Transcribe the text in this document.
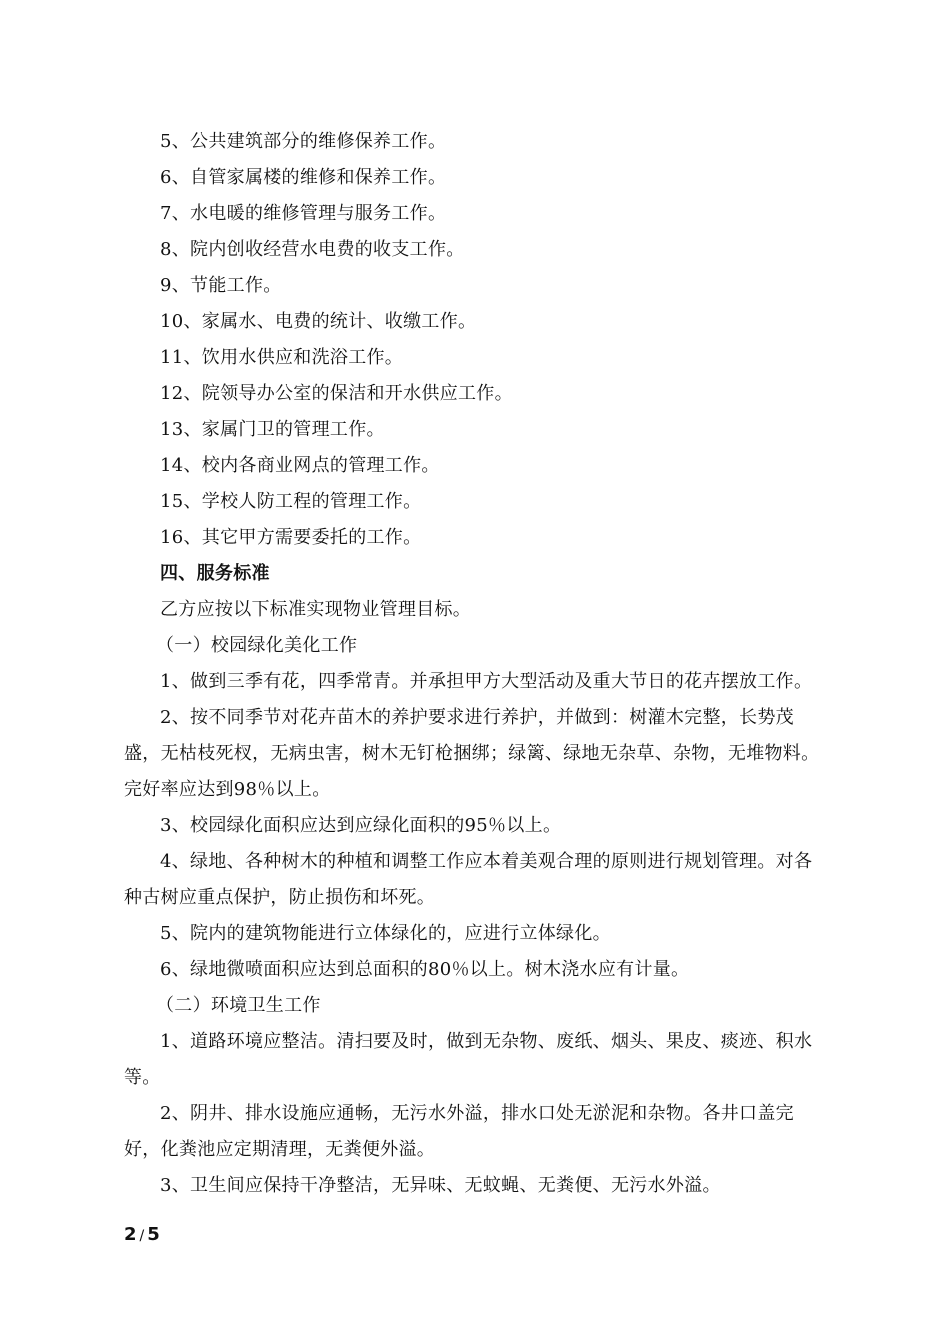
5、公共建筑部分的维修保养工作。

6、自管家属楼的维修和保养工作。

7、水电暖的维修管理与服务工作。

8、院内创收经营水电费的收支工作。

9、节能工作。

10、家属水、电费的统计、收缴工作。

11、饮用水供应和洗浴工作。

12、院领导办公室的保洁和开水供应工作。

13、家属门卫的管理工作。

14、校内各商业网点的管理工作。

15、学校人防工程的管理工作。

16、其它甲方需要委托的工作。

四、服务标准

乙方应按以下标准实现物业管理目标。

（一）校园绿化美化工作

1、做到三季有花，四季常青。并承担甲方大型活动及重大节日的花卉摆放工作。

2、按不同季节对花卉苗木的养护要求进行养护，并做到：树灌木完整，长势茂盛，无枯枝死杈，无病虫害，树木无钉枪捆绑；绿篱、绿地无杂草、杂物，无堆物料。完好率应达到98％以上。

3、校园绿化面积应达到应绿化面积的95％以上。

4、绿地、各种树木的种植和调整工作应本着美观合理的原则进行规划管理。对各种古树应重点保护，防止损伤和坏死。

5、院内的建筑物能进行立体绿化的，应进行立体绿化。

6、绿地微喷面积应达到总面积的80％以上。树木浇水应有计量。

（二）环境卫生工作

1、道路环境应整洁。清扫要及时，做到无杂物、废纸、烟头、果皮、痰迹、积水等。

2、阴井、排水设施应通畅，无污水外溢，排水口处无淤泥和杂物。各井口盖完好，化粪池应定期清理，无粪便外溢。

3、卫生间应保持干净整洁，无异味、无蚊蝇、无粪便、无污水外溢。

2 / 5
